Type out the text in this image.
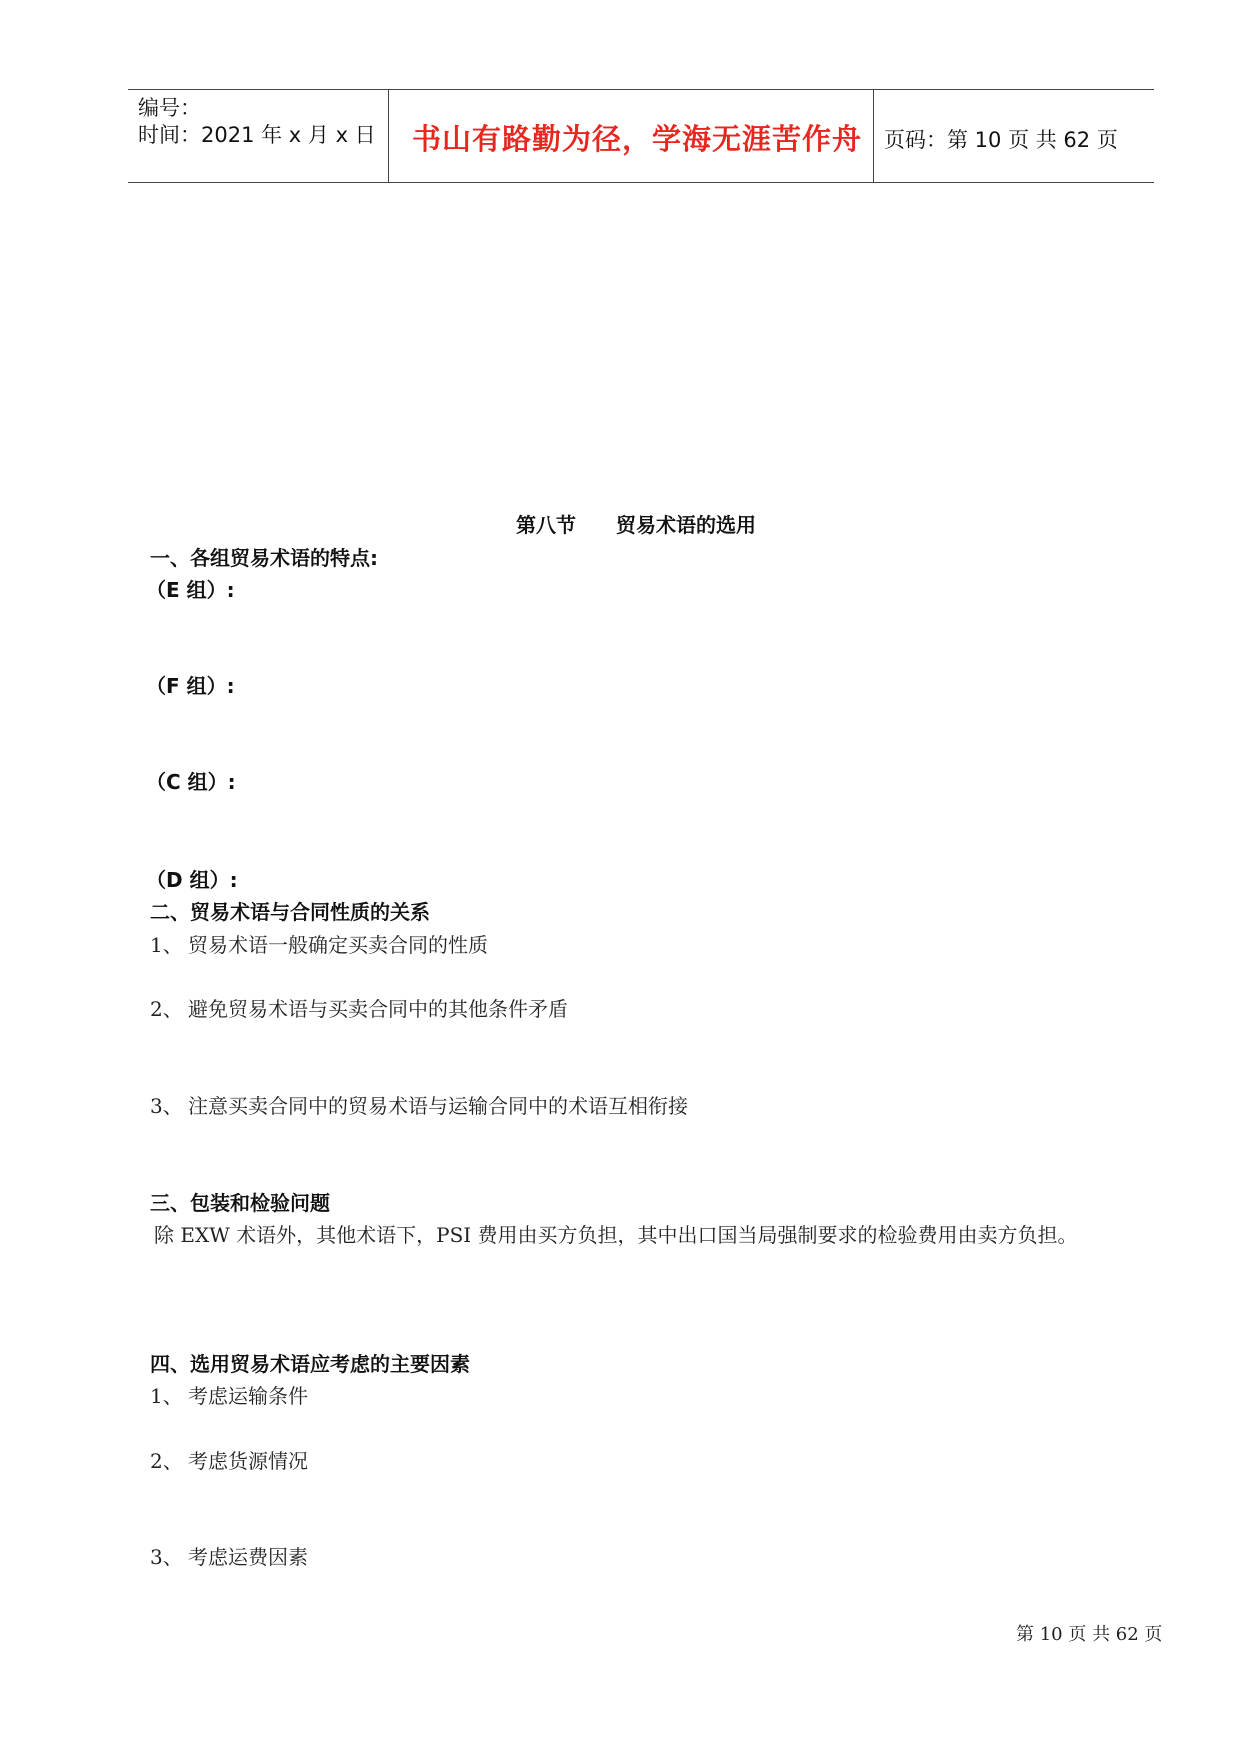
编号：
时间：2021 年 x 月 x 日 书山有路勤为径，学海无涯苦作舟 页码：第 10 页 共 62 页
第八节　　贸易术语的选用
一、各组贸易术语的特点:
（E 组）:
（F 组）:
（C 组）:
（D 组）:
二、贸易术语与合同性质的关系
1、 贸易术语一般确定买卖合同的性质
2、 避免贸易术语与买卖合同中的其他条件矛盾
3、 注意买卖合同中的贸易术语与运输合同中的术语互相衔接
三、包装和检验问题
除 EXW 术语外，其他术语下，PSI 费用由买方负担，其中出口国当局强制要求的检验费用由卖方负担。
四、选用贸易术语应考虑的主要因素
1、 考虑运输条件
2、 考虑货源情况
3、 考虑运费因素
第 10 页 共 62 页
